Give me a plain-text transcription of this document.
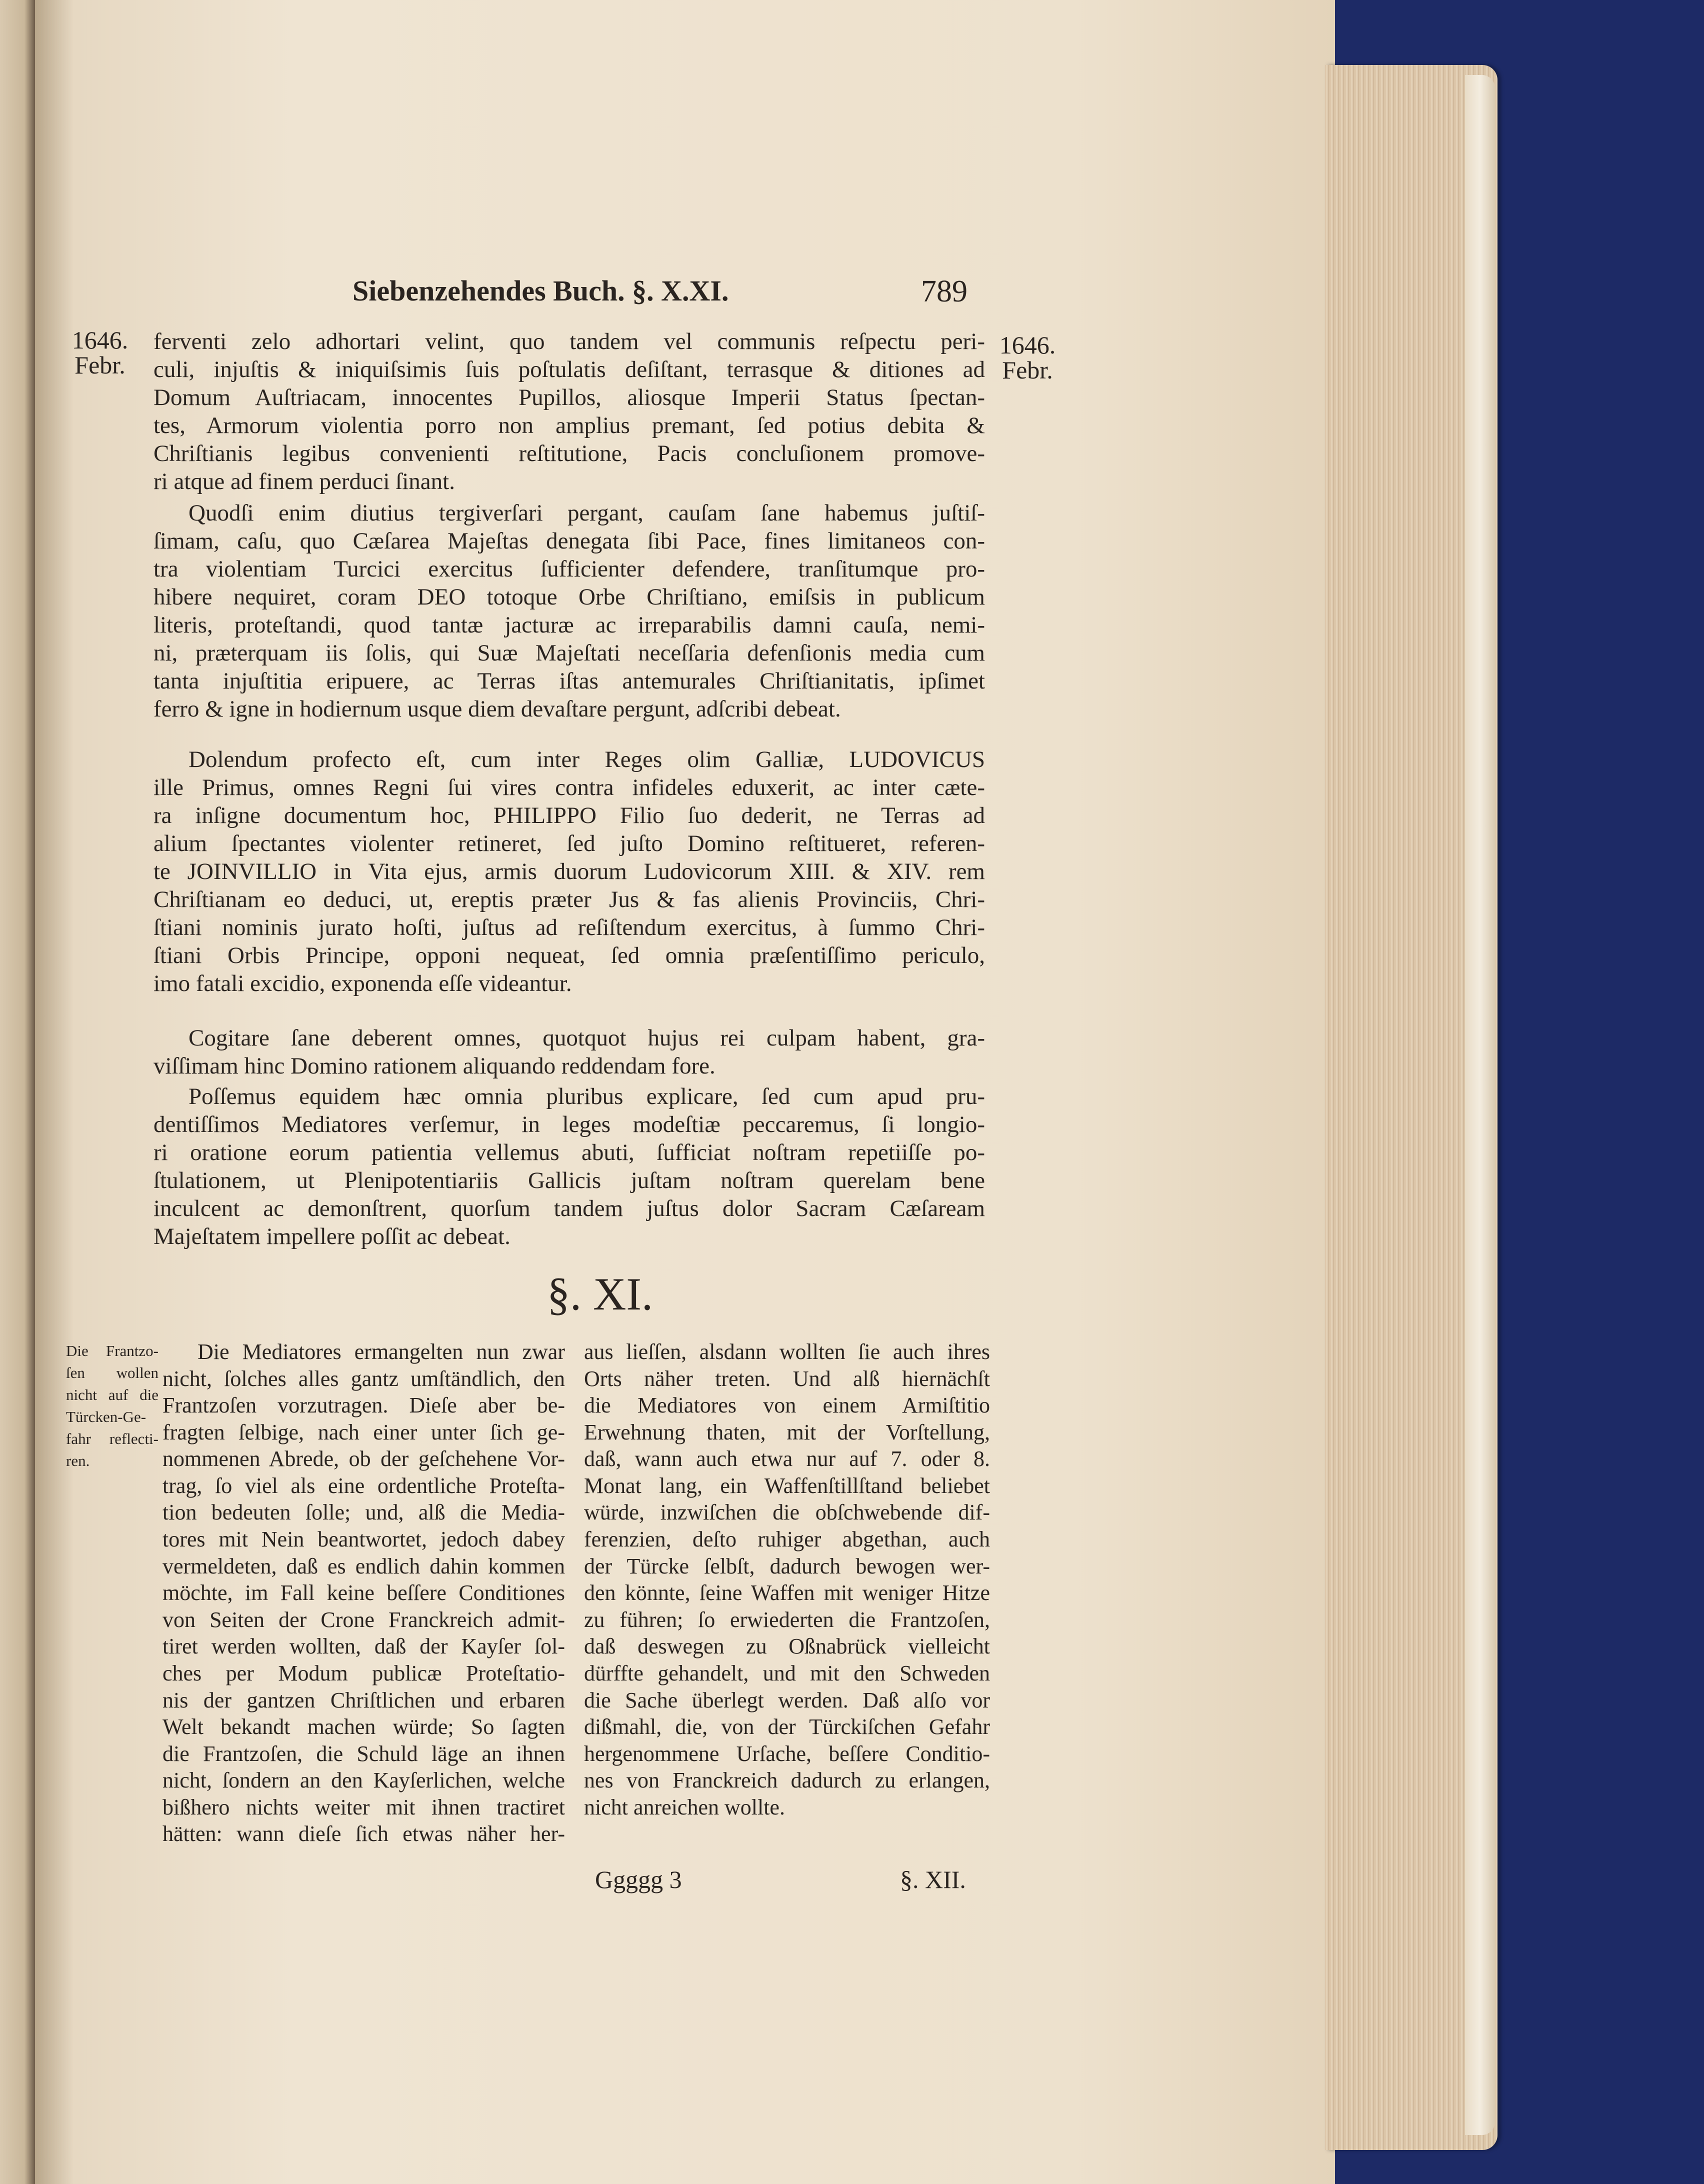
Siebenzehendes Buch. §. X.XI.	789
1646.
Febr.
1646.
Febr.
ferventi zelo adhortari velint, quo tandem vel communis reſpectu peri-
culi, injuſtis & iniquiſsimis ſuis poſtulatis deſiſtant, terrasque & ditiones ad
Domum Auſtriacam, innocentes Pupillos, aliosque Imperii Status ſpectan-
tes, Armorum violentia porro non amplius premant, ſed potius debita &
Chriſtianis legibus convenienti reſtitutione, Pacis concluſionem promove-
ri atque ad finem perduci ſinant.
Quodſi enim diutius tergiverſari pergant, cauſam ſane habemus juſtiſ-
ſimam, caſu, quo Cæſarea Majeſtas denegata ſibi Pace, fines limitaneos con-
tra violentiam Turcici exercitus ſufficienter defendere, tranſitumque pro-
hibere nequiret, coram DEO totoque Orbe Chriſtiano, emiſsis in publicum
literis, proteſtandi, quod tantæ jacturæ ac irreparabilis damni cauſa, nemi-
ni, præterquam iis ſolis, qui Suæ Majeſtati neceſſaria defenſionis media cum
tanta injuſtitia eripuere, ac Terras iſtas antemurales Chriſtianitatis, ipſimet
ferro & igne in hodiernum usque diem devaſtare pergunt, adſcribi debeat.
Dolendum profecto eſt, cum inter Reges olim Galliæ, LUDOVICUS
ille Primus, omnes Regni ſui vires contra infideles eduxerit, ac inter cæte-
ra inſigne documentum hoc, PHILIPPO Filio ſuo dederit, ne Terras ad
alium ſpectantes violenter retineret, ſed juſto Domino reſtitueret, referen-
te JOINVILLIO in Vita ejus, armis duorum Ludovicorum XIII. & XIV. rem
Chriſtianam eo deduci, ut, ereptis præter Jus & fas alienis Provinciis, Chri-
ſtiani nominis jurato hoſti, juſtus ad reſiſtendum exercitus, à ſummo Chri-
ſtiani Orbis Principe, opponi nequeat, ſed omnia præſentiſſimo periculo,
imo fatali excidio, exponenda eſſe videantur.
Cogitare ſane deberent omnes, quotquot hujus rei culpam habent, gra-
viſſimam hinc Domino rationem aliquando reddendam fore.
Poſſemus equidem hæc omnia pluribus explicare, ſed cum apud pru-
dentiſſimos Mediatores verſemur, in leges modeſtiæ peccaremus, ſi longio-
ri oratione eorum patientia vellemus abuti, ſufficiat noſtram repetiiſſe po-
ſtulationem, ut Plenipotentiariis Gallicis juſtam noſtram querelam bene
inculcent ac demonſtrent, quorſum tandem juſtus dolor Sacram Cæſaream
Majeſtatem impellere poſſit ac debeat.
§. XI.
Die Frantzo-
ſen wollen
nicht auf die
Türcken-Ge-
fahr reflecti-
ren.
Die Mediatores ermangelten nun zwar
nicht, ſolches alles gantz umſtändlich, den
Frantzoſen vorzutragen. Dieſe aber be-
fragten ſelbige, nach einer unter ſich ge-
nommenen Abrede, ob der geſchehene Vor-
trag, ſo viel als eine ordentliche Proteſta-
tion bedeuten ſolle; und, alß die Media-
tores mit Nein beantwortet, jedoch dabey
vermeldeten, daß es endlich dahin kommen
möchte, im Fall keine beſſere Conditiones
von Seiten der Crone Franckreich admit-
tiret werden wollten, daß der Kayſer ſol-
ches per Modum publicæ Proteſtatio-
nis der gantzen Chriſtlichen und erbaren
Welt bekandt machen würde; So ſagten
die Frantzoſen, die Schuld läge an ihnen
nicht, ſondern an den Kayſerlichen, welche
bißhero nichts weiter mit ihnen tractiret
hätten: wann dieſe ſich etwas näher her-
aus lieſſen, alsdann wollten ſie auch ihres
Orts näher treten. Und alß hiernächſt
die Mediatores von einem Armiſtitio
Erwehnung thaten, mit der Vorſtellung,
daß, wann auch etwa nur auf 7. oder 8.
Monat lang, ein Waffenſtillſtand beliebet
würde, inzwiſchen die obſchwebende dif-
ferenzien, deſto ruhiger abgethan, auch
der Türcke ſelbſt, dadurch bewogen wer-
den könnte, ſeine Waffen mit weniger Hitze
zu führen; ſo erwiederten die Frantzoſen,
daß deswegen zu Oßnabrück vielleicht
dürffte gehandelt, und mit den Schweden
die Sache überlegt werden. Daß alſo vor
dißmahl, die, von der Türckiſchen Gefahr
hergenommene Urſache, beſſere Conditio-
nes von Franckreich dadurch zu erlangen,
nicht anreichen wollte.
Ggggg 3	§. XII.
